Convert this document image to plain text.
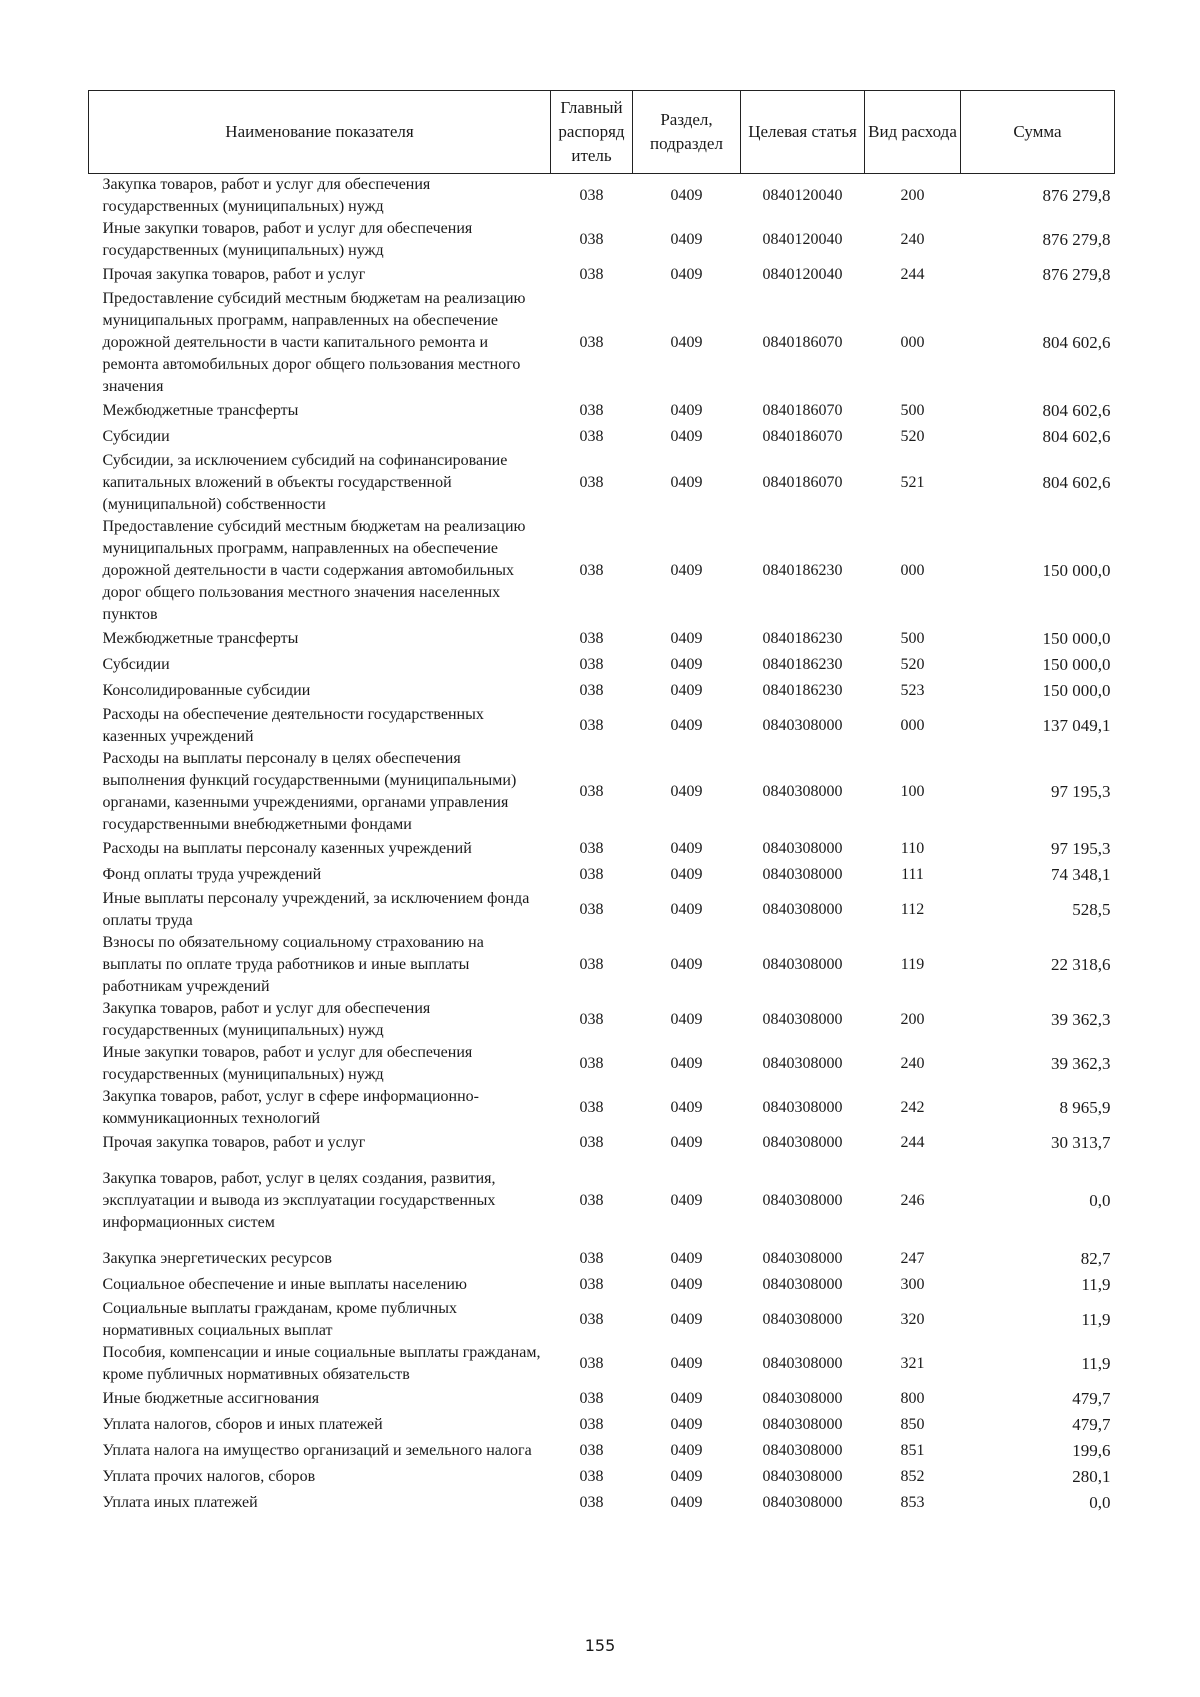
Наименование показателя	Главный распоряд итель	Раздел, подраздел	Целевая статья	Вид расхода	Сумма
Закупка товаров, работ и услуг для обеспечения государственных (муниципальных) нужд	038	0409	0840120040	200	876 279,8
Иные закупки товаров, работ и услуг для обеспечения государственных (муниципальных) нужд	038	0409	0840120040	240	876 279,8
Прочая закупка товаров, работ и услуг	038	0409	0840120040	244	876 279,8
Предоставление субсидий местным бюджетам на реализацию муниципальных программ, направленных на обеспечение дорожной деятельности в части капитального ремонта и ремонта автомобильных дорог общего пользования местного значения	038	0409	0840186070	000	804 602,6
Межбюджетные трансферты	038	0409	0840186070	500	804 602,6
Субсидии	038	0409	0840186070	520	804 602,6
Субсидии, за исключением субсидий на софинансирование капитальных вложений в объекты государственной (муниципальной) собственности	038	0409	0840186070	521	804 602,6
Предоставление субсидий местным бюджетам на реализацию муниципальных программ, направленных на обеспечение дорожной деятельности в части содержания автомобильных дорог общего пользования местного значения населенных пунктов	038	0409	0840186230	000	150 000,0
Межбюджетные трансферты	038	0409	0840186230	500	150 000,0
Субсидии	038	0409	0840186230	520	150 000,0
Консолидированные субсидии	038	0409	0840186230	523	150 000,0
Расходы на обеспечение деятельности государственных казенных учреждений	038	0409	0840308000	000	137 049,1
Расходы на выплаты персоналу в целях обеспечения выполнения функций государственными (муниципальными) органами, казенными учреждениями, органами управления государственными внебюджетными фондами	038	0409	0840308000	100	97 195,3
Расходы на выплаты персоналу казенных учреждений	038	0409	0840308000	110	97 195,3
Фонд оплаты труда учреждений	038	0409	0840308000	111	74 348,1
Иные выплаты персоналу учреждений, за исключением фонда оплаты труда	038	0409	0840308000	112	528,5
Взносы по обязательному социальному страхованию на выплаты по оплате труда работников и иные выплаты работникам учреждений	038	0409	0840308000	119	22 318,6
Закупка товаров, работ и услуг для обеспечения государственных (муниципальных) нужд	038	0409	0840308000	200	39 362,3
Иные закупки товаров, работ и услуг для обеспечения государственных (муниципальных) нужд	038	0409	0840308000	240	39 362,3
Закупка товаров, работ, услуг в сфере информационно-коммуникационных технологий	038	0409	0840308000	242	8 965,9
Прочая закупка товаров, работ и услуг	038	0409	0840308000	244	30 313,7

Закупка товаров, работ, услуг в целях создания, развития, эксплуатации и вывода из эксплуатации государственных информационных систем	038	0409	0840308000	246	0,0

Закупка энергетических ресурсов	038	0409	0840308000	247	82,7
Социальное обеспечение и иные выплаты населению	038	0409	0840308000	300	11,9
Социальные выплаты гражданам, кроме публичных нормативных социальных выплат	038	0409	0840308000	320	11,9
Пособия, компенсации и иные социальные выплаты гражданам, кроме публичных нормативных обязательств	038	0409	0840308000	321	11,9
Иные бюджетные ассигнования	038	0409	0840308000	800	479,7
Уплата налогов, сборов и иных платежей	038	0409	0840308000	850	479,7
Уплата налога на имущество организаций и земельного налога	038	0409	0840308000	851	199,6
Уплата прочих налогов, сборов	038	0409	0840308000	852	280,1
Уплата иных платежей	038	0409	0840308000	853	0,0
155
